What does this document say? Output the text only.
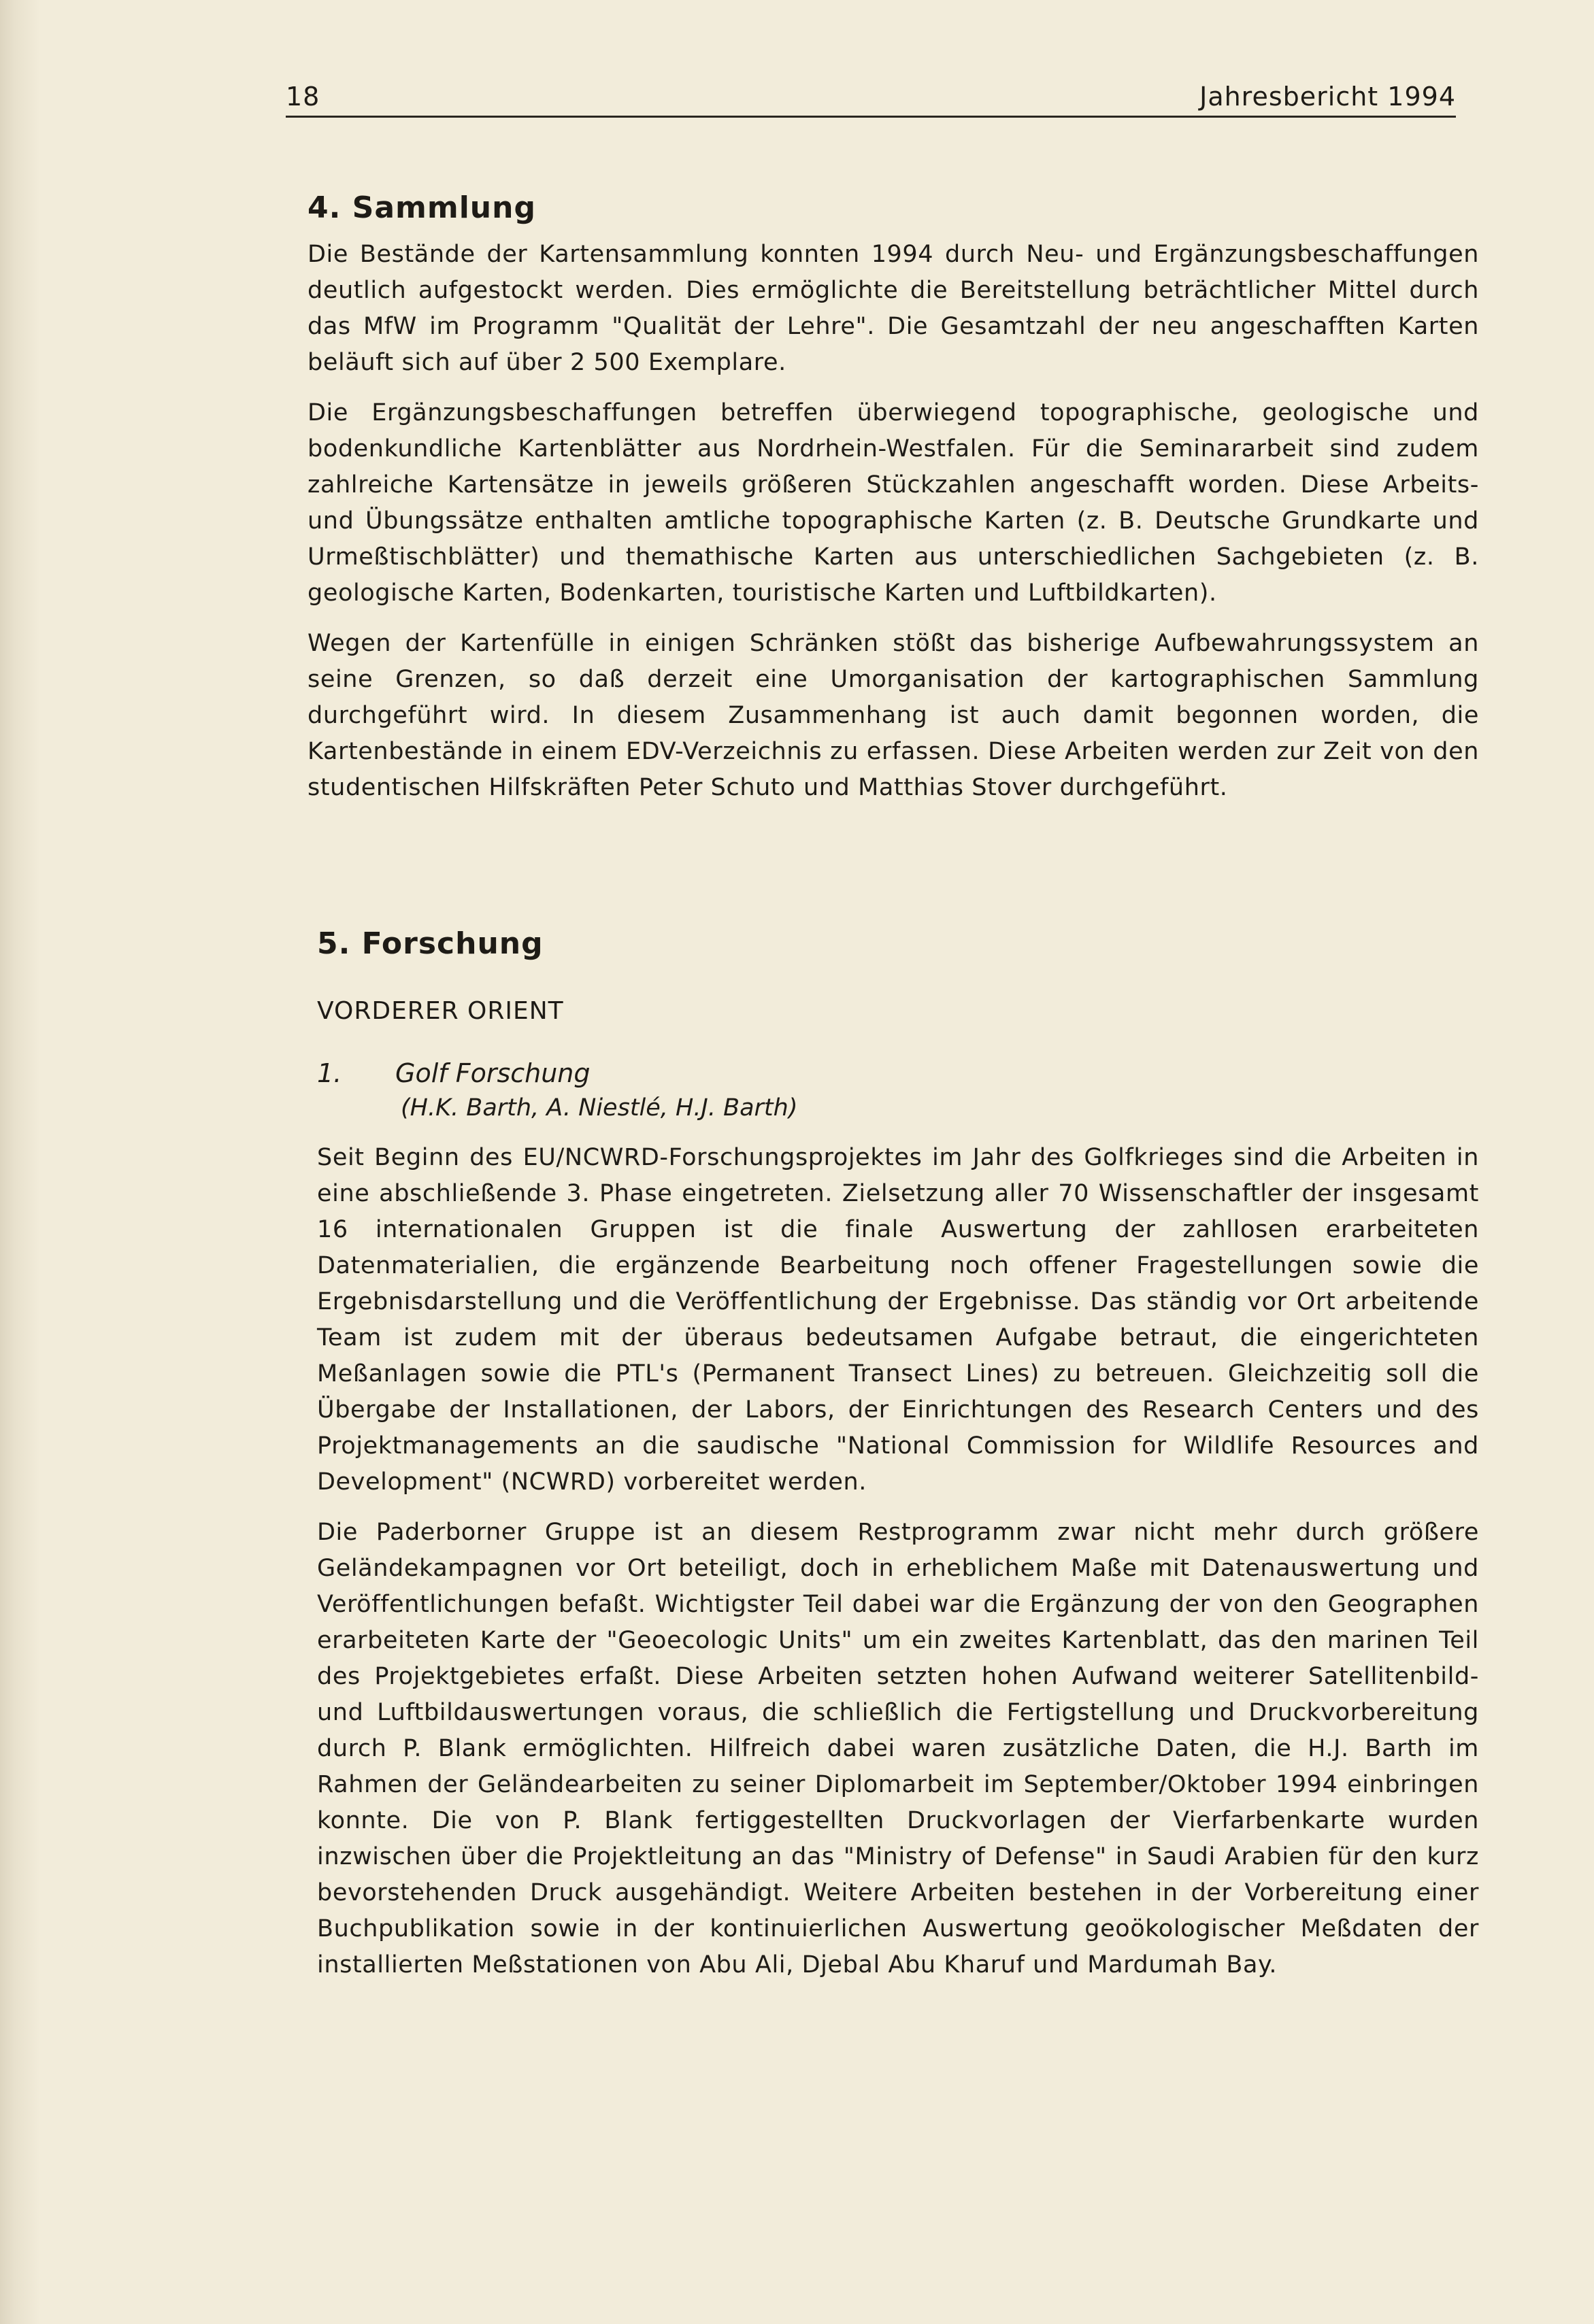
18	Jahresbericht 1994
4. Sammlung

Die Bestände der Kartensammlung konnten 1994 durch Neu- und Ergänzungsbeschaffungen deutlich aufgestockt werden. Dies ermöglichte die Bereitstellung beträchtlicher Mittel durch das MfW im Programm "Qualität der Lehre". Die Gesamtzahl der neu angeschafften Karten beläuft sich auf über 2 500 Exemplare.

Die Ergänzungsbeschaffungen betreffen überwiegend topographische, geologische und bodenkundliche Kartenblätter aus Nordrhein-Westfalen. Für die Seminararbeit sind zudem zahlreiche Kartensätze in jeweils größeren Stückzahlen angeschafft worden. Diese Arbeits- und Übungssätze enthalten amtliche topographische Karten (z. B. Deutsche Grundkarte und Urmeßtischblätter) und themathische Karten aus unterschiedlichen Sachgebieten (z. B. geologische Karten, Bodenkarten, touristische Karten und Luftbildkarten).

Wegen der Kartenfülle in einigen Schränken stößt das bisherige Aufbewahrungssystem an seine Grenzen, so daß derzeit eine Umorganisation der kartographischen Sammlung durchgeführt wird. In diesem Zusammenhang ist auch damit begonnen worden, die Kartenbestände in einem EDV-Verzeichnis zu erfassen. Diese Arbeiten werden zur Zeit von den studentischen Hilfskräften Peter Schuto und Matthias Stover durchgeführt.

5. Forschung
VORDERER ORIENT
1. Golf Forschung
(H.K. Barth, A. Niestlé, H.J. Barth)

Seit Beginn des EU/NCWRD-Forschungsprojektes im Jahr des Golfkrieges sind die Arbeiten in eine abschließende 3. Phase eingetreten. Zielsetzung aller 70 Wissenschaftler der insgesamt 16 internationalen Gruppen ist die finale Auswertung der zahllosen erarbeiteten Datenmaterialien, die ergänzende Bearbeitung noch offener Fragestellungen sowie die Ergebnisdarstellung und die Veröffentlichung der Ergebnisse. Das ständig vor Ort arbeitende Team ist zudem mit der überaus bedeutsamen Aufgabe betraut, die eingerichteten Meßanlagen sowie die PTL's (Permanent Transect Lines) zu betreuen. Gleichzeitig soll die Übergabe der Installationen, der Labors, der Einrichtungen des Research Centers und des Projektmanagements an die saudische "National Commission for Wildlife Resources and Development" (NCWRD) vorbereitet werden.

Die Paderborner Gruppe ist an diesem Restprogramm zwar nicht mehr durch größere Geländekampagnen vor Ort beteiligt, doch in erheblichem Maße mit Datenauswertung und Veröffentlichungen befaßt. Wichtigster Teil dabei war die Ergänzung der von den Geographen erarbeiteten Karte der "Geoecologic Units" um ein zweites Kartenblatt, das den marinen Teil des Projektgebietes erfaßt. Diese Arbeiten setzten hohen Aufwand weiterer Satellitenbild- und Luftbildauswertungen voraus, die schließlich die Fertigstellung und Druckvorbereitung durch P. Blank ermöglichten. Hilfreich dabei waren zusätzliche Daten, die H.J. Barth im Rahmen der Geländearbeiten zu seiner Diplomarbeit im September/Oktober 1994 einbringen konnte. Die von P. Blank fertiggestellten Druckvorlagen der Vierfarbenkarte wurden inzwischen über die Projektleitung an das "Ministry of Defense" in Saudi Arabien für den kurz bevorstehenden Druck ausgehändigt. Weitere Arbeiten bestehen in der Vorbereitung einer Buchpublikation sowie in der kontinuierlichen Auswertung geoökologischer Meßdaten der installierten Meßstationen von Abu Ali, Djebal Abu Kharuf und Mardumah Bay.
